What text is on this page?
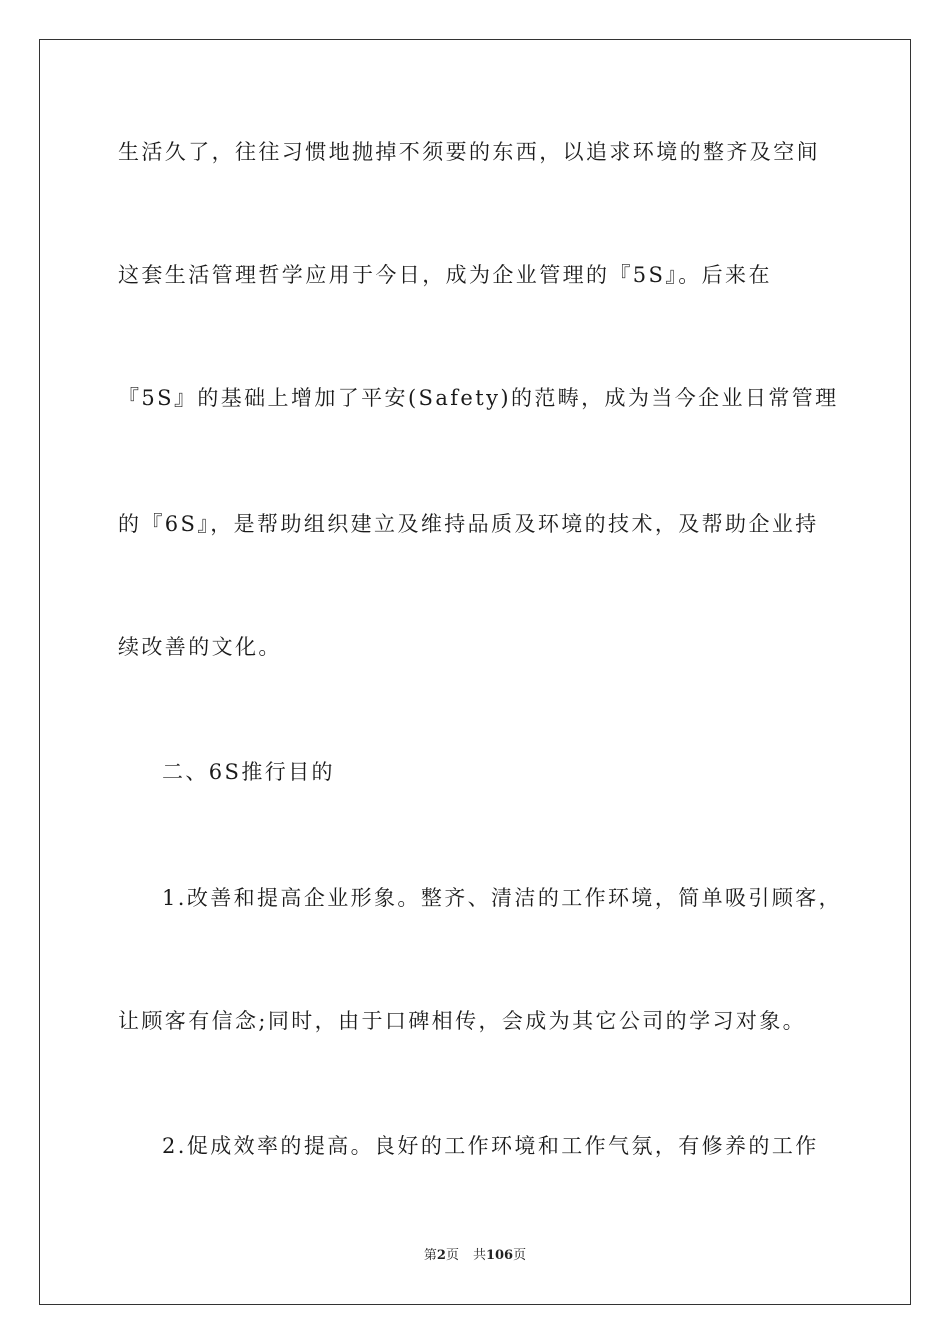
生活久了，往往习惯地抛掉不须要的东西，以追求环境的整齐及空间
这套生活管理哲学应用于今日，成为企业管理的『5S』。后来在
『5S』的基础上增加了平安(Safety)的范畴，成为当今企业日常管理
的『6S』，是帮助组织建立及维持品质及环境的技术，及帮助企业持
续改善的文化。
二、6S推行目的
1.改善和提高企业形象。整齐、清洁的工作环境，简单吸引顾客，
让顾客有信念;同时，由于口碑相传，会成为其它公司的学习对象。
2.促成效率的提高。良好的工作环境和工作气氛，有修养的工作
第2页 共106页
